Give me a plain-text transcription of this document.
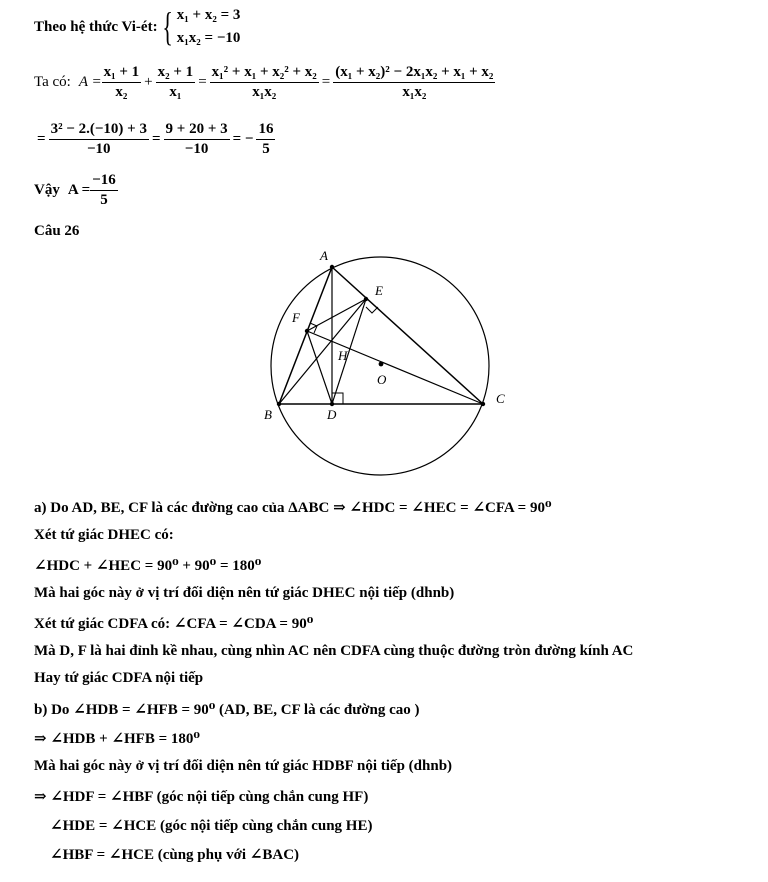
Theo hệ thức Vi-ét: { x₁ + x₂ = 3
x₁x₂ = −10
Ta có: $A = \frac{\text{x₁ + 1}}{\text{x₂}} + \frac{\text{x₂ + 1}}{\text{x₁}} = \frac{\text{x₁² + x₁ + x₂² + x₂}}{\text{x₁x₂}} = \frac{\text{(x₁ + x₂)² − 2x₁x₂ + x₁ + x₂}}{\text{x₁x₂}}$
= $\frac{\text{3² − 2.(−10) + 3}}{-10} = \frac{9 + 20 + 3}{-10}$ = − $\frac{16}{5}$
Vậy $A = \frac{-16}{5}$
Câu 26
A
E
F
H
O
B	D
C
a) Do AD, BE, CF là các đường cao của ΔABC ⇒ ∠HDC = ∠HEC = ∠CFA = 90⁰
Xét tứ giác DHEC có:
∠HDC + ∠HEC = 90⁰ + 90⁰ = 180⁰
Mà hai góc này ở vị trí đối diện nên tứ giác DHEC nội tiếp (dhnb)
Xét tứ giác CDFA có: ∠CFA = ∠CDA = 90⁰
Mà D, F là hai đỉnh kề nhau, cùng nhìn AC nên CDFA cùng thuộc đường tròn đường kính AC
Hay tứ giác CDFA nội tiếp
b) Do ∠HDB = ∠HFB = 90⁰ (AD, BE, CF là các đường cao )
⇒ ∠HDB + ∠HFB = 180⁰
Mà hai góc này ở vị trí đối diện nên tứ giác HDBF nội tiếp (dhnb)
⇒ ∠HDF = ∠HBF (góc nội tiếp cùng chắn cung HF)
∠HDE = ∠HCE (góc nội tiếp cùng chắn cung HE)
∠HBF = ∠HCE (cùng phụ với ∠BAC)
